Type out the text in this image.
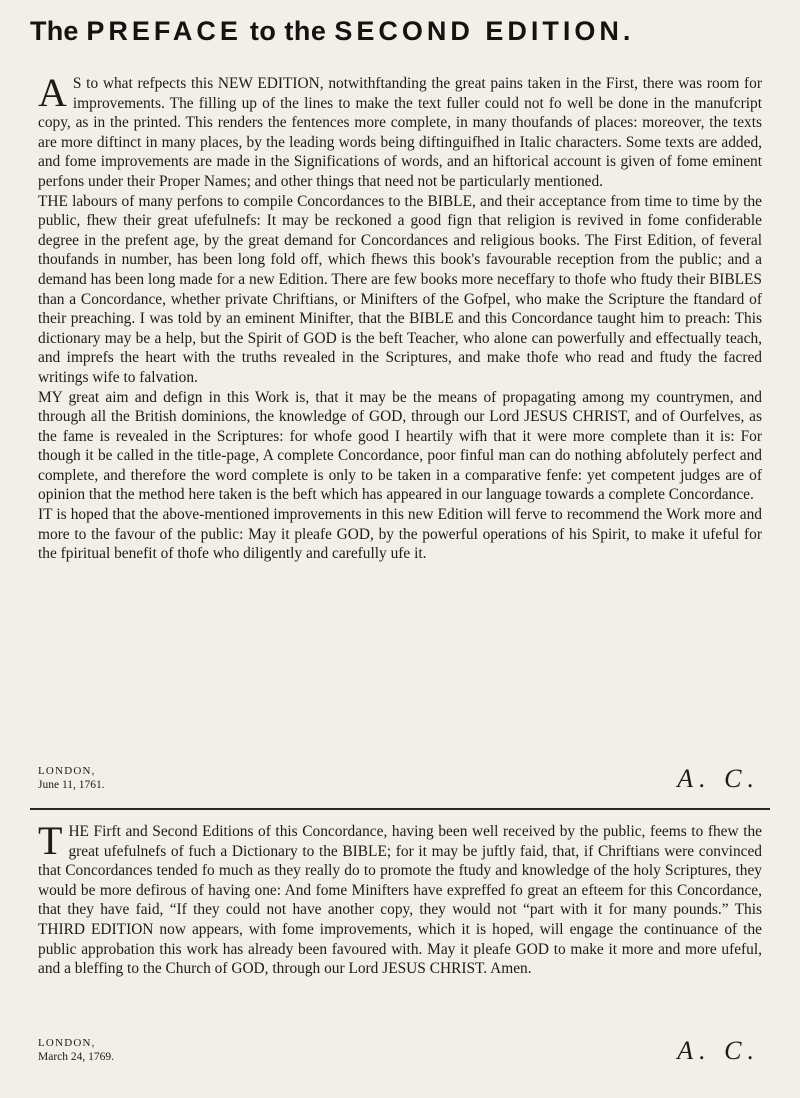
The PREFACE to the SECOND EDITION.

A S to what refpects this NEW EDITION, notwithftanding the great pains taken in the First, there was room for improvements. The filling up of the lines to make the text fuller could not fo well be done in the manufcript copy, as in the printed. This renders the fentences more complete, in many thoufands of places: moreover, the texts are more diftinct in many places, by the leading words being diftinguifhed in Italic characters. Some texts are added, and fome improvements are made in the Significations of words, and an hiftorical account is given of fome eminent perfons under their Proper Names; and other things that need not be particularly mentioned.

THE labours of many perfons to compile Concordances to the BIBLE, and their acceptance from time to time by the public, fhew their great ufefulnefs: It may be reckoned a good fign that religion is revived in fome confiderable degree in the prefent age, by the great demand for Concordances and religious books. The First Edition, of feveral thoufands in number, has been long fold off, which fhews this book's favourable reception from the public; and a demand has been long made for a new Edition. There are few books more neceffary to thofe who ftudy their BIBLES than a Concordance, whether private Chriftians, or Minifters of the Gofpel, who make the Scripture the ftandard of their preaching. I was told by an eminent Minifter, that the BIBLE and this Concordance taught him to preach: This dictionary may be a help, but the Spirit of GOD is the beft Teacher, who alone can powerfully and effectually teach, and imprefs the heart with the truths revealed in the Scriptures, and make thofe who read and ftudy the facred writings wife to falvation.

MY great aim and defign in this Work is, that it may be the means of propagating among my countrymen, and through all the British dominions, the knowledge of GOD, through our Lord JESUS CHRIST, and of Ourfelves, as the fame is revealed in the Scriptures: for whofe good I heartily wifh that it were more complete than it is: For though it be called in the title-page, A complete Concordance, poor finful man can do nothing abfolutely perfect and complete, and therefore the word complete is only to be taken in a comparative fenfe: yet competent judges are of opinion that the method here taken is the beft which has appeared in our language towards a complete Concordance.

IT is hoped that the above-mentioned improvements in this new Edition will ferve to recommend the Work more and more to the favour of the public: May it pleafe GOD, by the powerful operations of his Spirit, to make it ufeful for the fpiritual benefit of thofe who diligently and carefully ufe it.

LONDON,
June 11, 1761.	A. C.

THE Firft and Second Editions of this Concordance, having been well received by the public, feems to fhew the great ufefulnefs of fuch a Dictionary to the BIBLE; for it may be juftly faid, that, if Chriftians were convinced that Concordances tended fo much as they really do to promote the ftudy and knowledge of the holy Scriptures, they would be more defirous of having one: And fome Minifters have expreffed fo great an efteem for this Concordance, that they have faid, “If they could not have another copy, they would not “part with it for many pounds.” This THIRD EDITION now appears, with fome improvements, which it is hoped, will engage the continuance of the public approbation this work has already been favoured with. May it pleafe GOD to make it more and more ufeful, and a bleffing to the Church of GOD, through our Lord JESUS CHRIST. Amen.

LONDON,
March 24, 1769.	A. C.
